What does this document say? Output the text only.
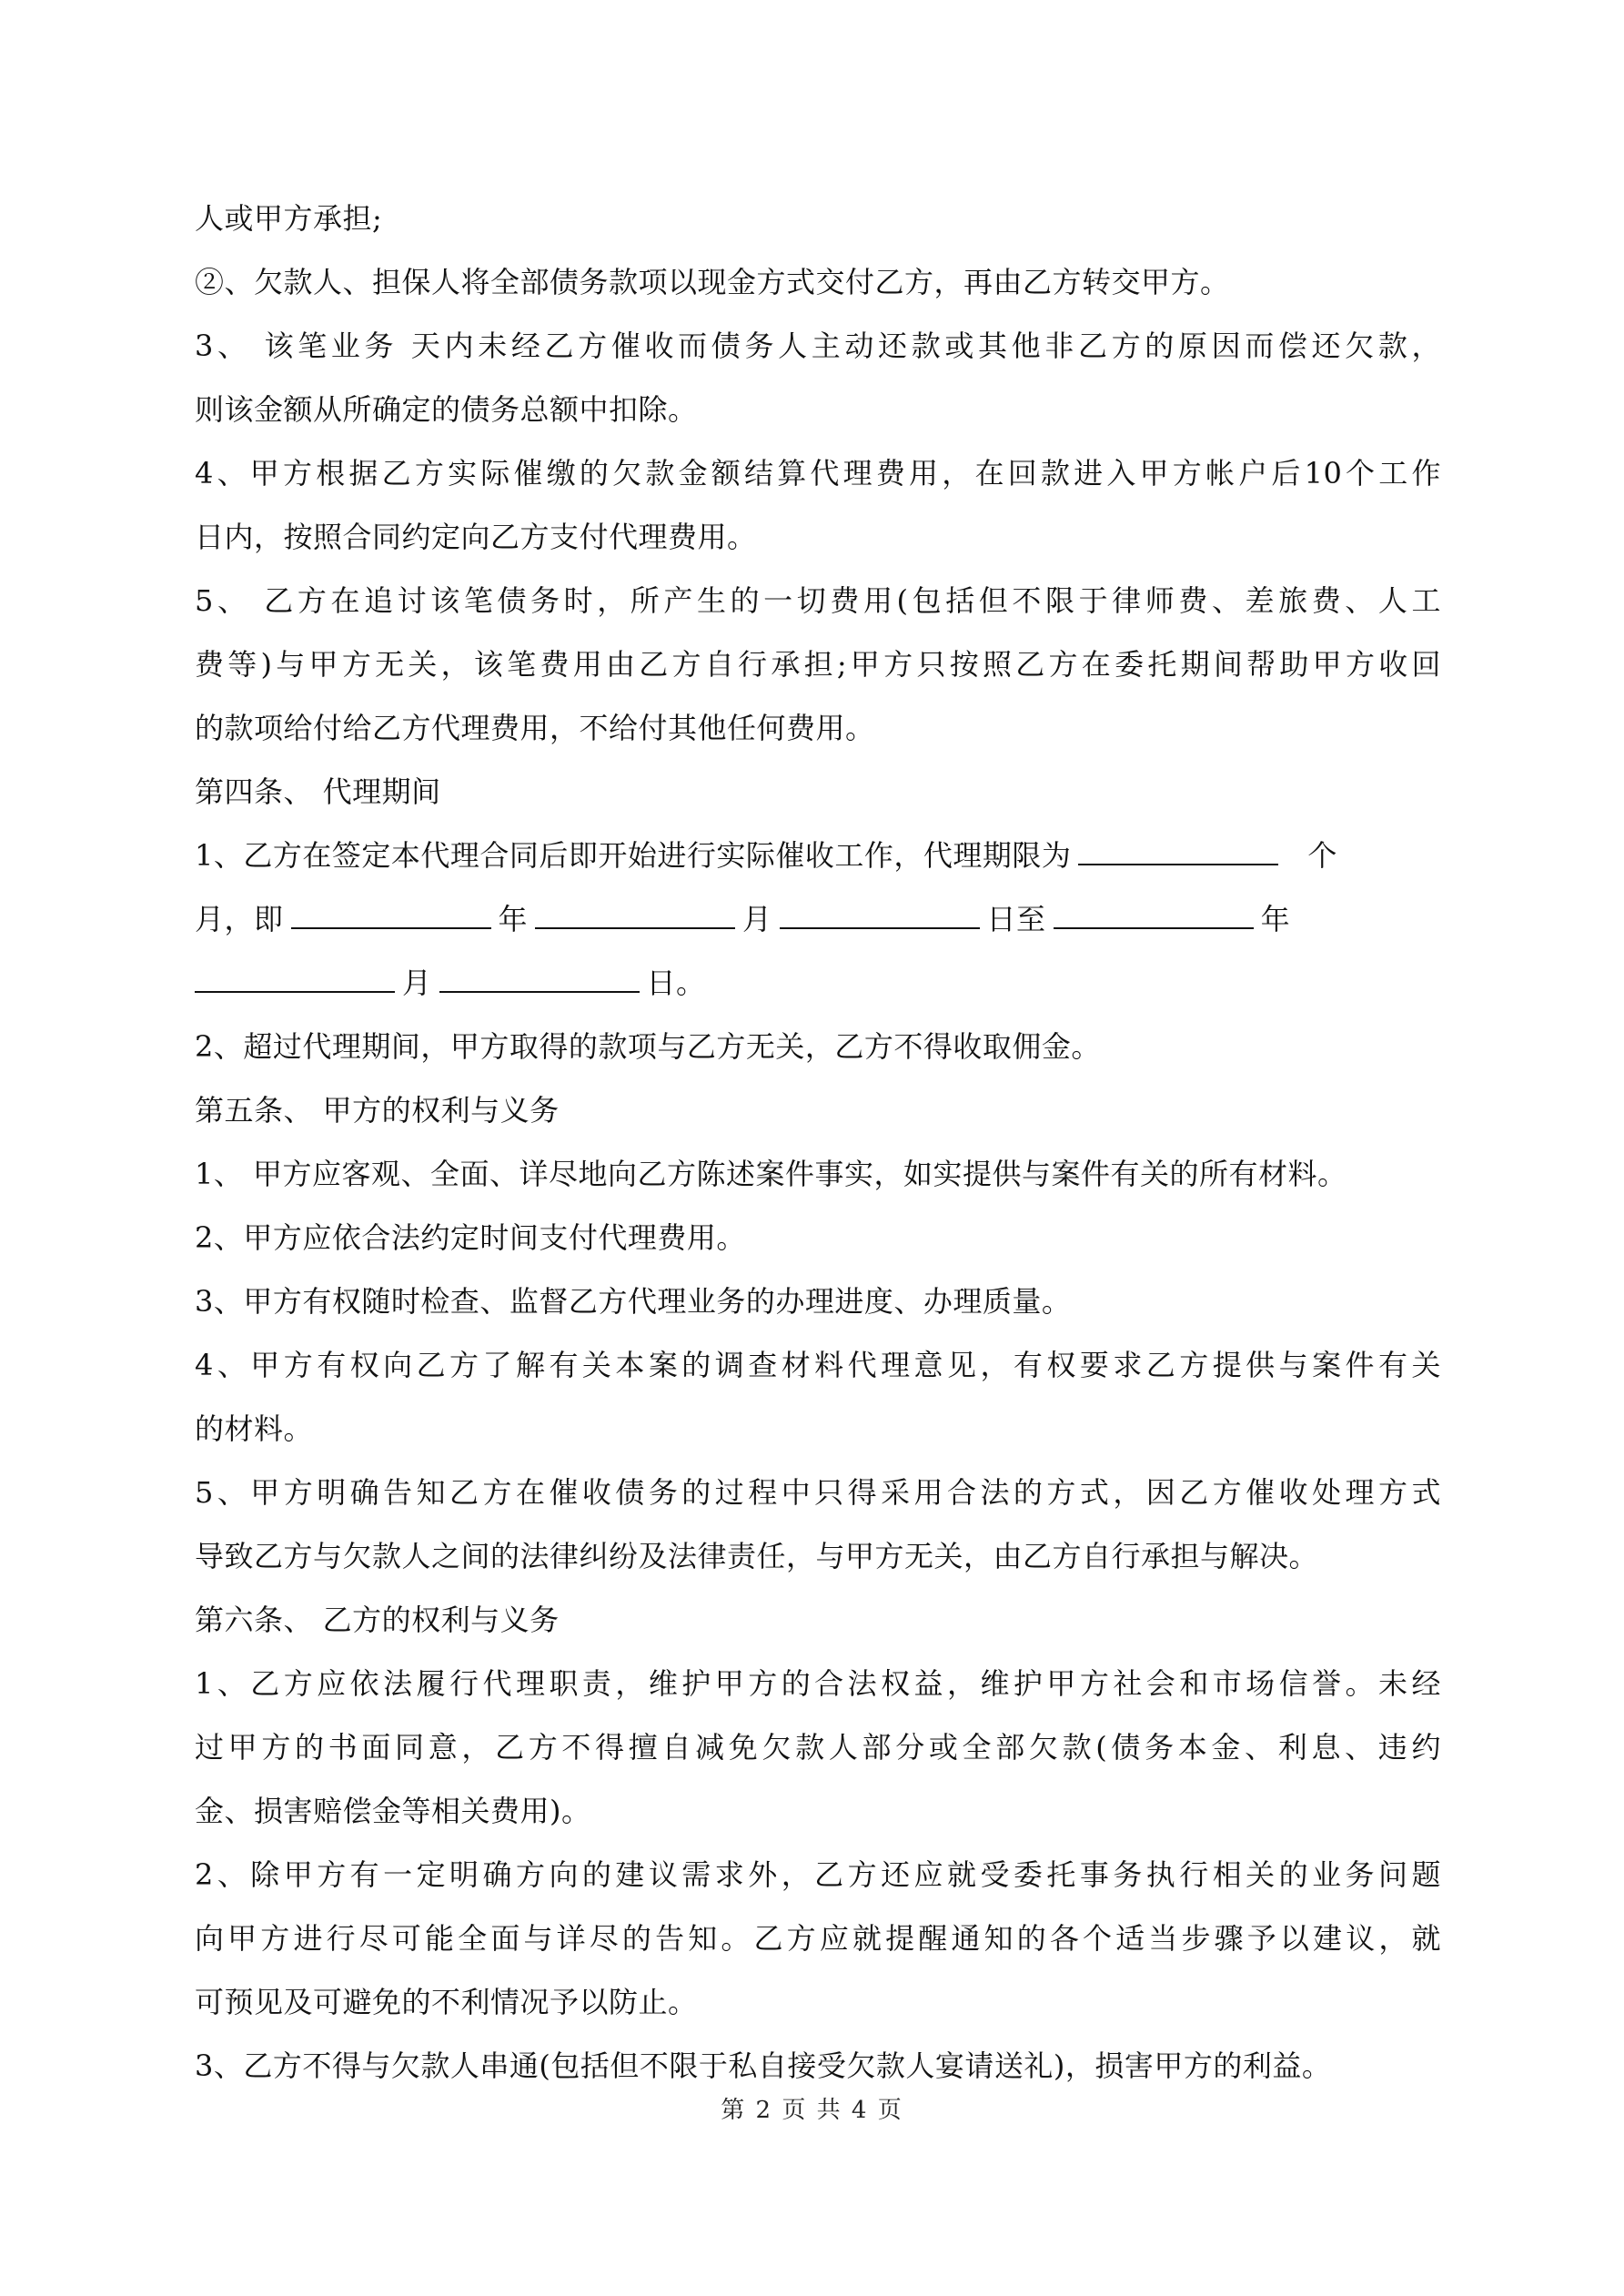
人或甲方承担;
②、欠款人、担保人将全部债务款项以现金方式交付乙方，再由乙方转交甲方。
3、 该笔业务 天内未经乙方催收而债务人主动还款或其他非乙方的原因而偿还欠款，
则该金额从所确定的债务总额中扣除。
4、甲方根据乙方实际催缴的欠款金额结算代理费用，在回款进入甲方帐户后10个工作
日内，按照合同约定向乙方支付代理费用。
5、 乙方在追讨该笔债务时，所产生的一切费用(包括但不限于律师费、差旅费、人工
费等)与甲方无关，该笔费用由乙方自行承担;甲方只按照乙方在委托期间帮助甲方收回
的款项给付给乙方代理费用，不给付其他任何费用。
第四条、 代理期间
1、乙方在签定本代理合同后即开始进行实际催收工作，代理期限为	个
月，即	年	月	日至	年
月	日。
2、超过代理期间，甲方取得的款项与乙方无关，乙方不得收取佣金。
第五条、 甲方的权利与义务
1、 甲方应客观、全面、详尽地向乙方陈述案件事实，如实提供与案件有关的所有材料。
2、甲方应依合法约定时间支付代理费用。
3、甲方有权随时检查、监督乙方代理业务的办理进度、办理质量。
4、甲方有权向乙方了解有关本案的调查材料代理意见，有权要求乙方提供与案件有关
的材料。
5、甲方明确告知乙方在催收债务的过程中只得采用合法的方式，因乙方催收处理方式
导致乙方与欠款人之间的法律纠纷及法律责任，与甲方无关，由乙方自行承担与解决。
第六条、 乙方的权利与义务
1、乙方应依法履行代理职责，维护甲方的合法权益，维护甲方社会和市场信誉。未经
过甲方的书面同意，乙方不得擅自减免欠款人部分或全部欠款(债务本金、利息、违约
金、损害赔偿金等相关费用)。
2、除甲方有一定明确方向的建议需求外，乙方还应就受委托事务执行相关的业务问题
向甲方进行尽可能全面与详尽的告知。乙方应就提醒通知的各个适当步骤予以建议，就
可预见及可避免的不利情况予以防止。
3、乙方不得与欠款人串通(包括但不限于私自接受欠款人宴请送礼)，损害甲方的利益。
第 2 页 共 4 页
